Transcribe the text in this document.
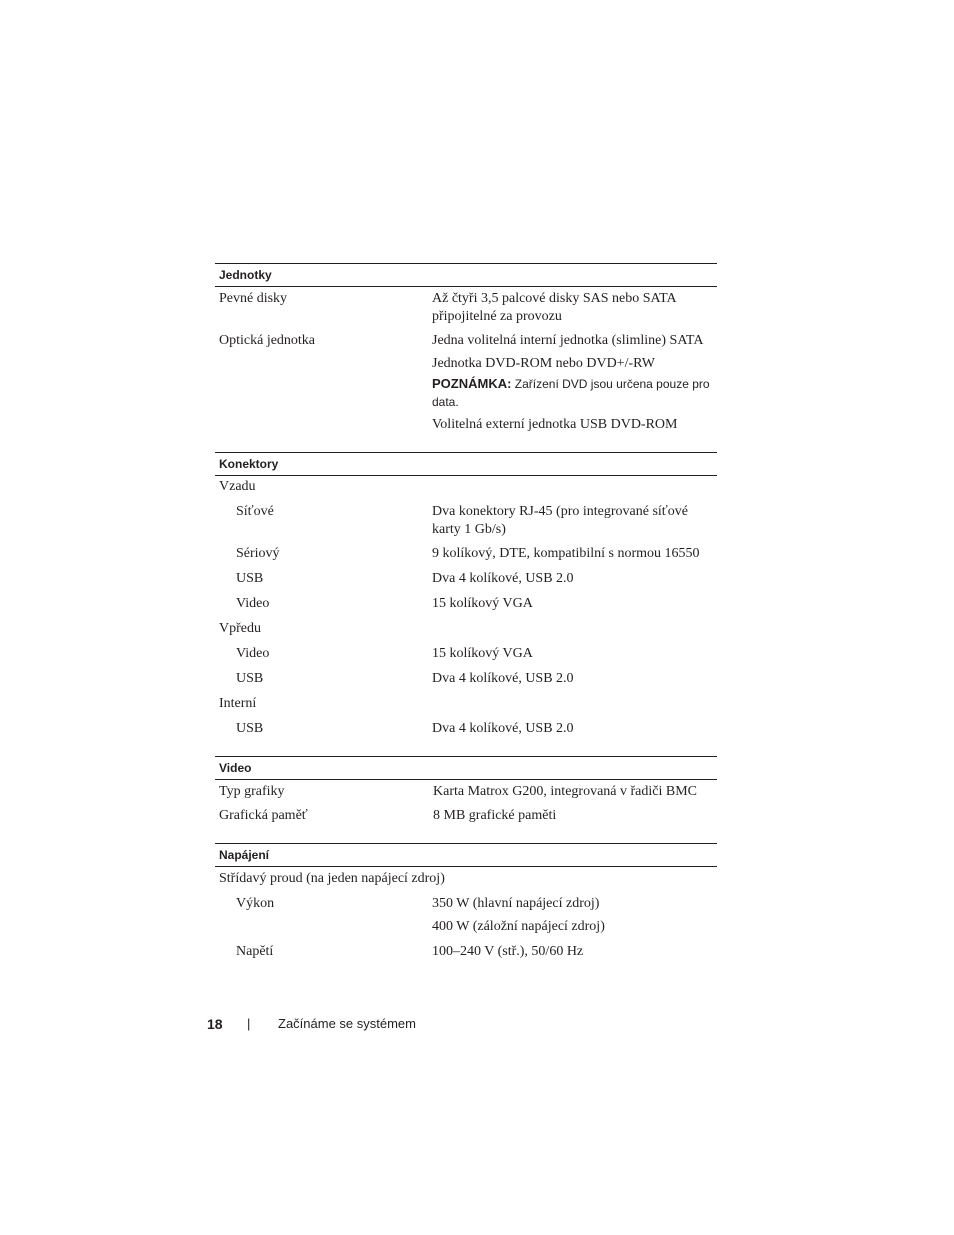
Jednotky
Pevné disky	Až čtyři 3,5 palcové disky SAS nebo SATA
připojitelné za provozu
Optická jednotka	Jedna volitelná interní jednotka (slimline) SATA
Jednotka DVD-ROM nebo DVD+/-RW
POZNÁMKA: Zařízení DVD jsou určena pouze pro
data.
Volitelná externí jednotka USB DVD-ROM
Konektory
Vzadu
Síťové	Dva konektory RJ-45 (pro integrované síťové
karty 1 Gb/s)
Sériový	9 kolíkový, DTE, kompatibilní s normou 16550
USB	Dva 4 kolíkové, USB 2.0
Video	15 kolíkový VGA
Vpředu
Video	15 kolíkový VGA
USB	Dva 4 kolíkové, USB 2.0
Interní
USB	Dva 4 kolíkové, USB 2.0
Video
Typ grafiky	Karta Matrox G200, integrovaná v řadiči BMC
Grafická paměť	8 MB grafické paměti
Napájení
Střídavý proud (na jeden napájecí zdroj)
Výkon	350 W (hlavní napájecí zdroj)
400 W (záložní napájecí zdroj)
Napětí	100–240 V (stř.), 50/60 Hz
18 | Začínáme se systémem
